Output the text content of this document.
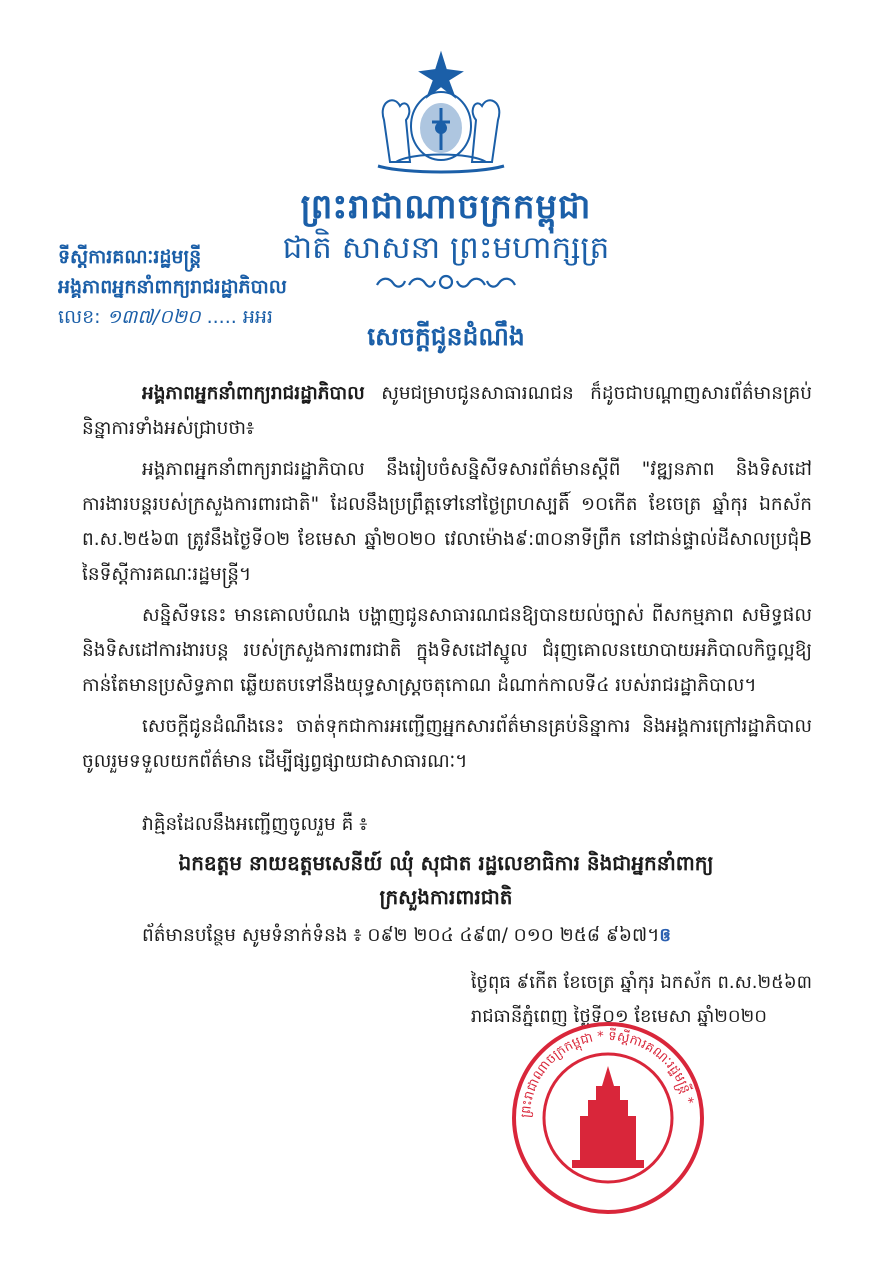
ព្រះរាជាណាចក្រកម្ពុជា
ជាតិ សាសនា ព្រះមហាក្សត្រ
ទីស្ដីការគណៈរដ្ឋមន្ត្រី
អង្គភាពអ្នកនាំពាក្យរាជរដ្ឋាភិបាល
លេខ: ១៣៧/០២០ ..... អអរ
សេចក្ដីជូនដំណឹង

អង្គភាពអ្នកនាំពាក្យរាជរដ្ឋាភិបាល សូមជម្រាបជូនសាធារណជន ក៏ដូចជាបណ្ដាញសារព័ត៌មានគ្រប់និន្នាការទាំងអស់ជ្រាបថា៖

អង្គភាពអ្នកនាំពាក្យរាជរដ្ឋាភិបាល នឹងរៀបចំសន្និសីទសារព័ត៌មានស្ដីពី "វឌ្ឍនភាព និងទិសដៅការងារបន្តរបស់ក្រសួងការពារជាតិ" ដែលនឹងប្រព្រឹត្តទៅនៅថ្ងៃព្រហស្បតិ៍ ១០កើត ខែចេត្រ ឆ្នាំកុរ ឯកស័ក ព.ស.២៥៦៣ ត្រូវនឹងថ្ងៃទី០២ ខែមេសា ឆ្នាំ២០២០ វេលាម៉ោង៩:៣០នាទីព្រឹក នៅជាន់ផ្ទាល់ដីសាលប្រជុំB នៃទីស្ដីការគណៈរដ្ឋមន្ត្រី។

សន្និសីទនេះ មានគោលបំណង បង្ហាញជូនសាធារណជនឱ្យបានយល់ច្បាស់ ពីសកម្មភាព សមិទ្ធផល និងទិសដៅការងារបន្ត របស់ក្រសួងការពារជាតិ ក្នុងទិសដៅស្នូល ជំរុញគោលនយោបាយអភិបាលកិច្ចល្អឱ្យកាន់តែមានប្រសិទ្ធភាព ឆ្លើយតបទៅនឹងយុទ្ធសាស្ត្រចតុកោណ ដំណាក់កាលទី៤ របស់រាជរដ្ឋាភិបាល។

សេចក្ដីជូនដំណឹងនេះ ចាត់ទុកជាការអញ្ជើញអ្នកសារព័ត៌មានគ្រប់និន្នាការ និងអង្គការក្រៅរដ្ឋាភិបាល ចូលរួមទទួលយកព័ត៌មាន ដើម្បីផ្សព្វផ្សាយជាសាធារណៈ។

វាគ្មិនដែលនឹងអញ្ជើញចូលរួម គឺ ៖
ឯកឧត្តម នាយឧត្តមសេនីយ៍ ឈុំ សុជាត រដ្ឋលេខាធិការ និងជាអ្នកនាំពាក្យ
ក្រសួងការពារជាតិ
ព័ត៌មានបន្ថែម សូមទំនាក់ទំនង ៖ ០៩២ ២០៤ ៤៩៣/ ០១០ ២៥៨ ៩៦៧។ឲ
ថ្ងៃពុធ ៩កើត ខែចេត្រ ឆ្នាំកុរ ឯកស័ក ព.ស.២៥៦៣
រាជធានីភ្នំពេញ ថ្ងៃទី០១ ខែមេសា ឆ្នាំ២០២០
ព្រះរាជាណាចក្រកម្ពុជា * ទីស្ដីការគណៈរដ្ឋមន្ត្រី *
